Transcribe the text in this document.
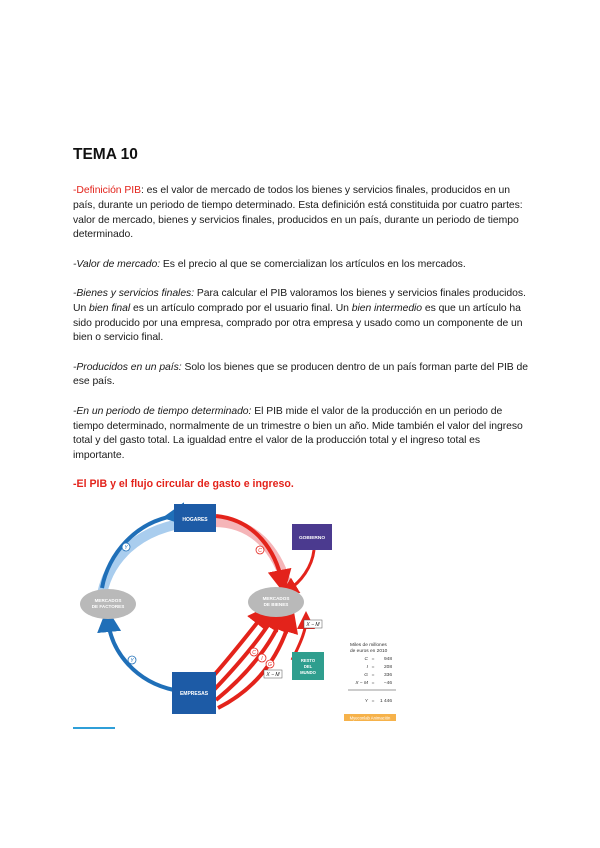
TEMA 10

-Definición PIB: es el valor de mercado de todos los bienes y servicios finales, producidos en un país, durante un periodo de tiempo determinado. Esta definición está constituida por cuatro partes: valor de mercado, bienes y servicios finales, producidos en un país, durante un periodo de tiempo determinado.

-Valor de mercado: Es el precio al que se comercializan los artículos en los mercados.

-Bienes y servicios finales: Para calcular el PIB valoramos los bienes y servicios finales producidos. Un bien final es un artículo comprado por el usuario final. Un bien intermedio es que un artículo ha sido producido por una empresa, comprado por otra empresa y usado como un componente de un bien o servicio final.

-Producidos en un país: Solo los bienes que se producen dentro de un país forman parte del PIB de ese país.

-En un periodo de tiempo determinado: El PIB mide el valor de la producción en un periodo de tiempo determinado, normalmente de un trimestre o bien un año. Mide también el valor del ingreso total y del gasto total. La igualdad entre el valor de la producción total y el ingreso total es importante.

-El PIB y el flujo circular de gasto e ingreso.
MERCADOS
DE FACTORES
MERCADOS
DE BIENES
HOGARES
GOBIERNO
EMPRESAS
RESTO
DEL
MUNDO
Y
Y
C
C
I
G
X − M
X − M
Miles de millones
de euros en 2010
C = 948
I = 208
G = 336
X − M = −46
Y = 1 446
Myeconlab Animación
